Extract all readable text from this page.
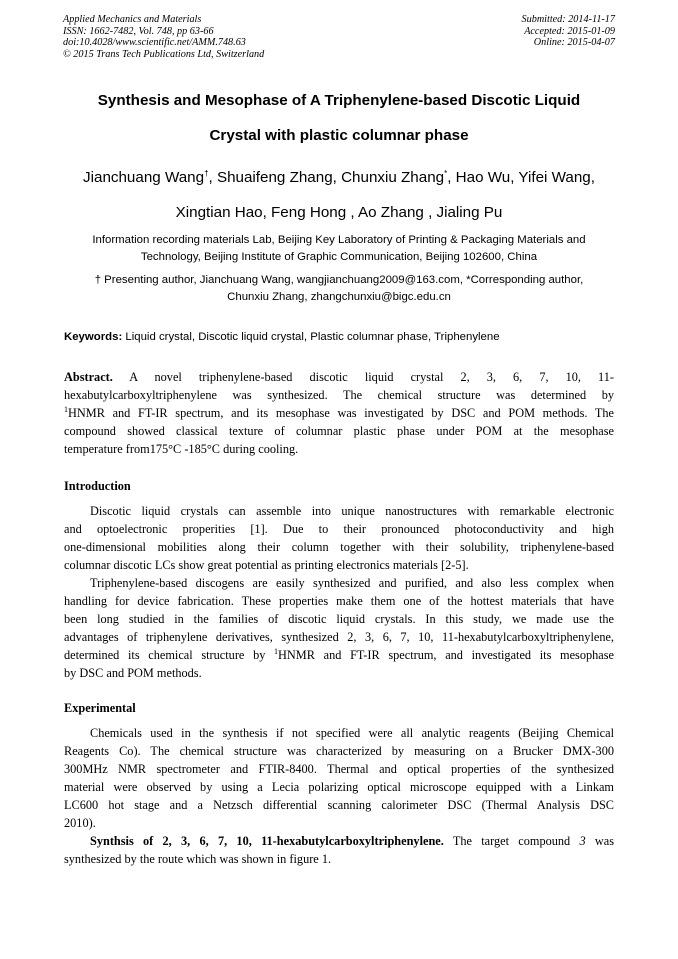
Applied Mechanics and Materials
ISSN: 1662-7482, Vol. 748, pp 63-66
doi:10.4028/www.scientific.net/AMM.748.63
© 2015 Trans Tech Publications Ltd, Switzerland
Submitted: 2014-11-17
Accepted: 2015-01-09
Online: 2015-04-07
Synthesis and Mesophase of A Triphenylene-based Discotic Liquid
Crystal with plastic columnar phase
Jianchuang Wang†, Shuaifeng Zhang, Chunxiu Zhang*, Hao Wu, Yifei Wang,
Xingtian Hao, Feng Hong , Ao Zhang , Jialing Pu
Information recording materials Lab, Beijing Key Laboratory of Printing & Packaging Materials and
Technology, Beijing Institute of Graphic Communication, Beijing 102600, China
† Presenting author, Jianchuang Wang, wangjianchuang2009@163.com, *Corresponding author,
Chunxiu Zhang, zhangchunxiu@bigc.edu.cn
Keywords: Liquid crystal, Discotic liquid crystal, Plastic columnar phase, Triphenylene
Abstract. A novel triphenylene-based discotic liquid crystal 2, 3, 6, 7, 10, 11-
hexabutylcarboxyltriphenylene was synthesized. The chemical structure was determined by
$^1$HNMR and FT-IR spectrum, and its mesophase was investigated by DSC and POM methods. The
compound showed classical texture of columnar plastic phase under POM at the mesophase
temperature from175°C -185°C during cooling.
Introduction
Discotic liquid crystals can assemble into unique nanostructures with remarkable electronic
and optoelectronic properities [1]. Due to their pronounced photoconductivity and high
one-dimensional mobilities along their column together with their solubility, triphenylene-based
columnar discotic LCs show great potential as printing electronics materials [2-5].
Triphenylene-based discogens are easily synthesized and purified, and also less complex when
handling for device fabrication. These properties make them one of the hottest materials that have
been long studied in the families of discotic liquid crystals. In this study, we made use the
advantages of triphenylene derivatives, synthesized 2, 3, 6, 7, 10, 11-hexabutylcarboxyltriphenylene,
determined its chemical structure by $^1$HNMR and FT-IR spectrum, and investigated its mesophase
by DSC and POM methods.
Experimental
Chemicals used in the synthesis if not specified were all analytic reagents (Beijing Chemical
Reagents Co). The chemical structure was characterized by measuring on a Brucker DMX-300
300MHz NMR spectrometer and FTIR-8400. Thermal and optical properties of the synthesized
material were observed by using a Lecia polarizing optical microscope equipped with a Linkam
LC600 hot stage and a Netzsch differential scanning calorimeter DSC (Thermal Analysis DSC
2010).
Synthsis of 2, 3, 6, 7, 10, 11-hexabutylcarboxyltriphenylene. The target compound 3 was
synthesized by the route which was shown in figure 1.
